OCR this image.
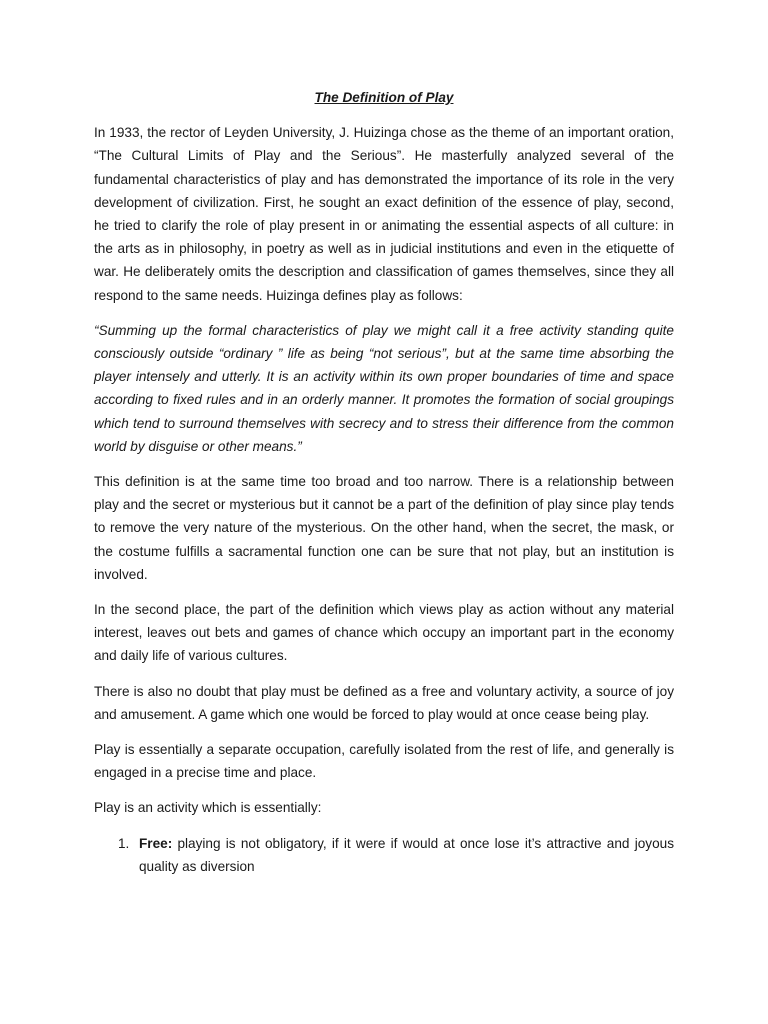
The Definition of Play

In 1933, the rector of Leyden University, J. Huizinga chose as the theme of an important oration, “The Cultural Limits of Play and the Serious”. He masterfully analyzed several of the fundamental characteristics of play and has demonstrated the importance of its role in the very development of civilization. First, he sought an exact definition of the essence of play, second, he tried to clarify the role of play present in or animating the essential aspects of all culture: in the arts as in philosophy, in poetry as well as in judicial institutions and even in the etiquette of war. He deliberately omits the description and classification of games themselves, since they all respond to the same needs. Huizinga defines play as follows:

“Summing up the formal characteristics of play we might call it a free activity standing quite consciously outside “ordinary ” life as being “not serious”, but at the same time absorbing the player intensely and utterly. It is an activity within its own proper boundaries of time and space according to fixed rules and in an orderly manner. It promotes the formation of social groupings which tend to surround themselves with secrecy and to stress their difference from the common world by disguise or other means.”

This definition is at the same time too broad and too narrow. There is a relationship between play and the secret or mysterious but it cannot be a part of the definition of play since play tends to remove the very nature of the mysterious. On the other hand, when the secret, the mask, or the costume fulfills a sacramental function one can be sure that not play, but an institution is involved.

In the second place, the part of the definition which views play as action without any material interest, leaves out bets and games of chance which occupy an important part in the economy and daily life of various cultures.

There is also no doubt that play must be defined as a free and voluntary activity, a source of joy and amusement. A game which one would be forced to play would at once cease being play.

Play is essentially a separate occupation, carefully isolated from the rest of life, and generally is engaged in a precise time and place.

Play is an activity which is essentially:

1. Free: playing is not obligatory, if it were if would at once lose it’s attractive and joyous quality as diversion
